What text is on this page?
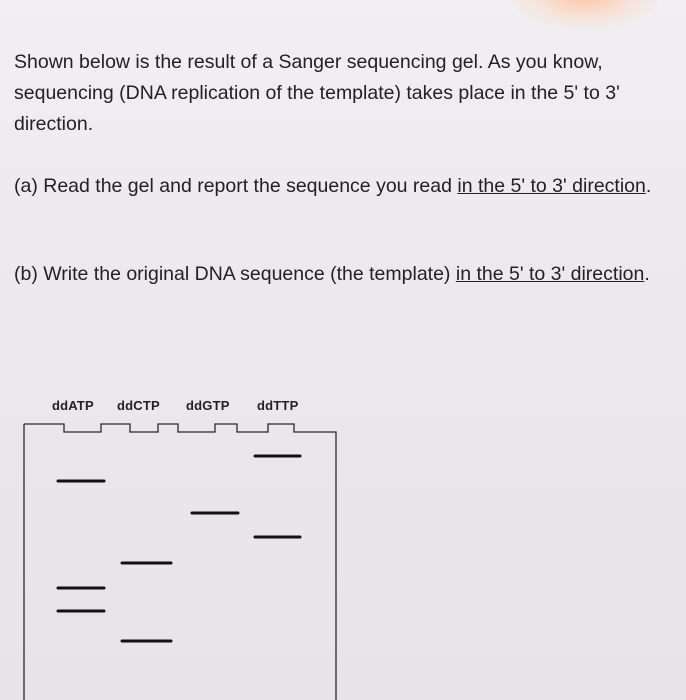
Shown below is the result of a Sanger sequencing gel. As you know, sequencing (DNA replication of the template) takes place in the 5' to 3' direction.

(a) Read the gel and report the sequence you read in the 5' to 3' direction.

(b) Write the original DNA sequence (the template) in the 5' to 3' direction.

ddATP ddCTP ddGTP ddTTP
